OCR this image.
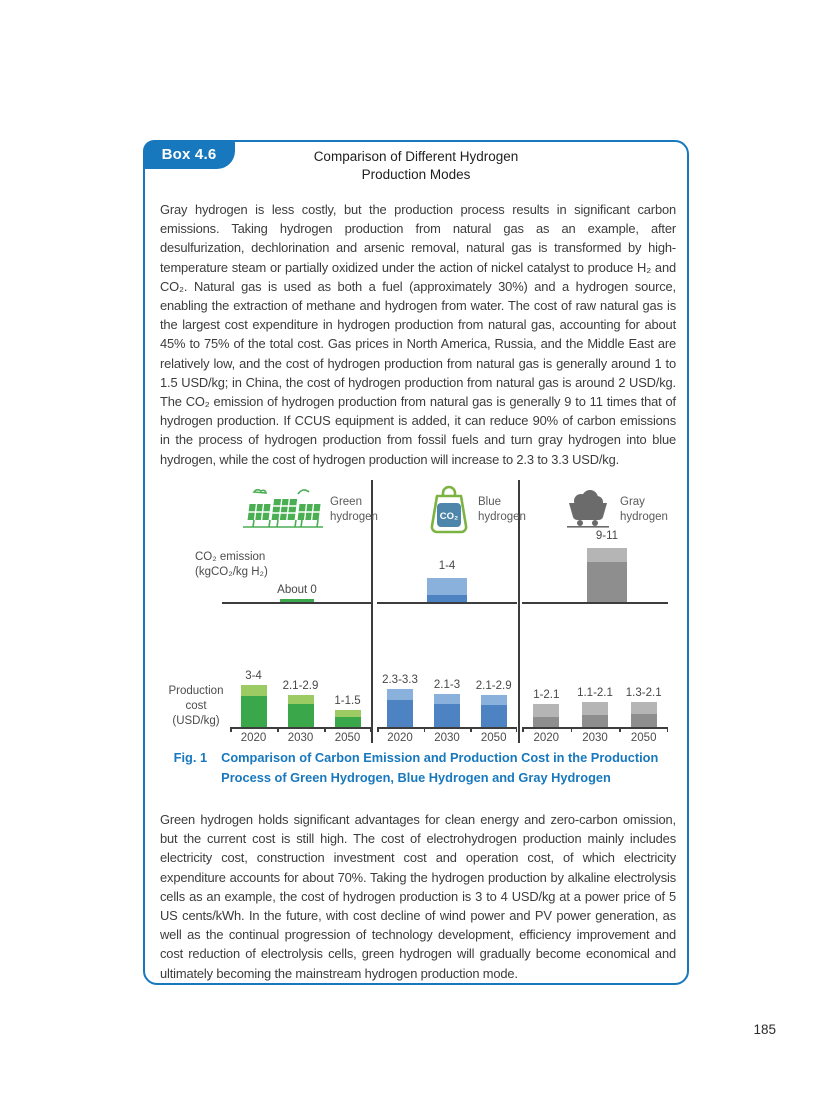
Box 4.6	Comparison of Different Hydrogen
Production Modes

Gray hydrogen is less costly, but the production process results in significant carbon emissions. Taking hydrogen production from natural gas as an example, after desulfurization, dechlorination and arsenic removal, natural gas is transformed by high-temperature steam or partially oxidized under the action of nickel catalyst to produce H₂ and CO₂. Natural gas is used as both a fuel (approximately 30%) and a hydrogen source, enabling the extraction of methane and hydrogen from water. The cost of raw natural gas is the largest cost expenditure in hydrogen production from natural gas, accounting for about 45% to 75% of the total cost. Gas prices in North America, Russia, and the Middle East are relatively low, and the cost of hydrogen production from natural gas is generally around 1 to 1.5 USD/kg; in China, the cost of hydrogen production from natural gas is around 2 USD/kg. The CO₂ emission of hydrogen production from natural gas is generally 9 to 11 times that of hydrogen production. If CCUS equipment is added, it can reduce 90% of carbon emissions in the process of hydrogen production from fossil fuels and turn gray hydrogen into blue hydrogen, while the cost of hydrogen production will increase to 2.3 to 3.3 USD/kg.

Green
hydrogen	CO₂
Blue
hydrogen
Gray
hydrogen
CO₂ emission
(kgCO₂/kg H₂)
About 0
1-4
9-11
Production cost
(USD/kg)
3-4
2.1-2.9
1-1.5
2020	2030	2050
2.3-3.3	2.1-3	2.1-2.9
2020	2030	2050
1-2.1	1.1-2.1	1.3-2.1
2020	2030	2050
Fig. 1 Comparison of Carbon Emission and Production Cost in the Production
Process of Green Hydrogen, Blue Hydrogen and Gray Hydrogen

Green hydrogen holds significant advantages for clean energy and zero-carbon omission, but the current cost is still high. The cost of electrohydrogen production mainly includes electricity cost, construction investment cost and operation cost, of which electricity expenditure accounts for about 70%. Taking the hydrogen production by alkaline electrolysis cells as an example, the cost of hydrogen production is 3 to 4 USD/kg at a power price of 5 US cents/kWh. In the future, with cost decline of wind power and PV power generation, as well as the continual progression of technology development, efficiency improvement and cost reduction of electrolysis cells, green hydrogen will gradually become economical and ultimately becoming the mainstream hydrogen production mode.

185
